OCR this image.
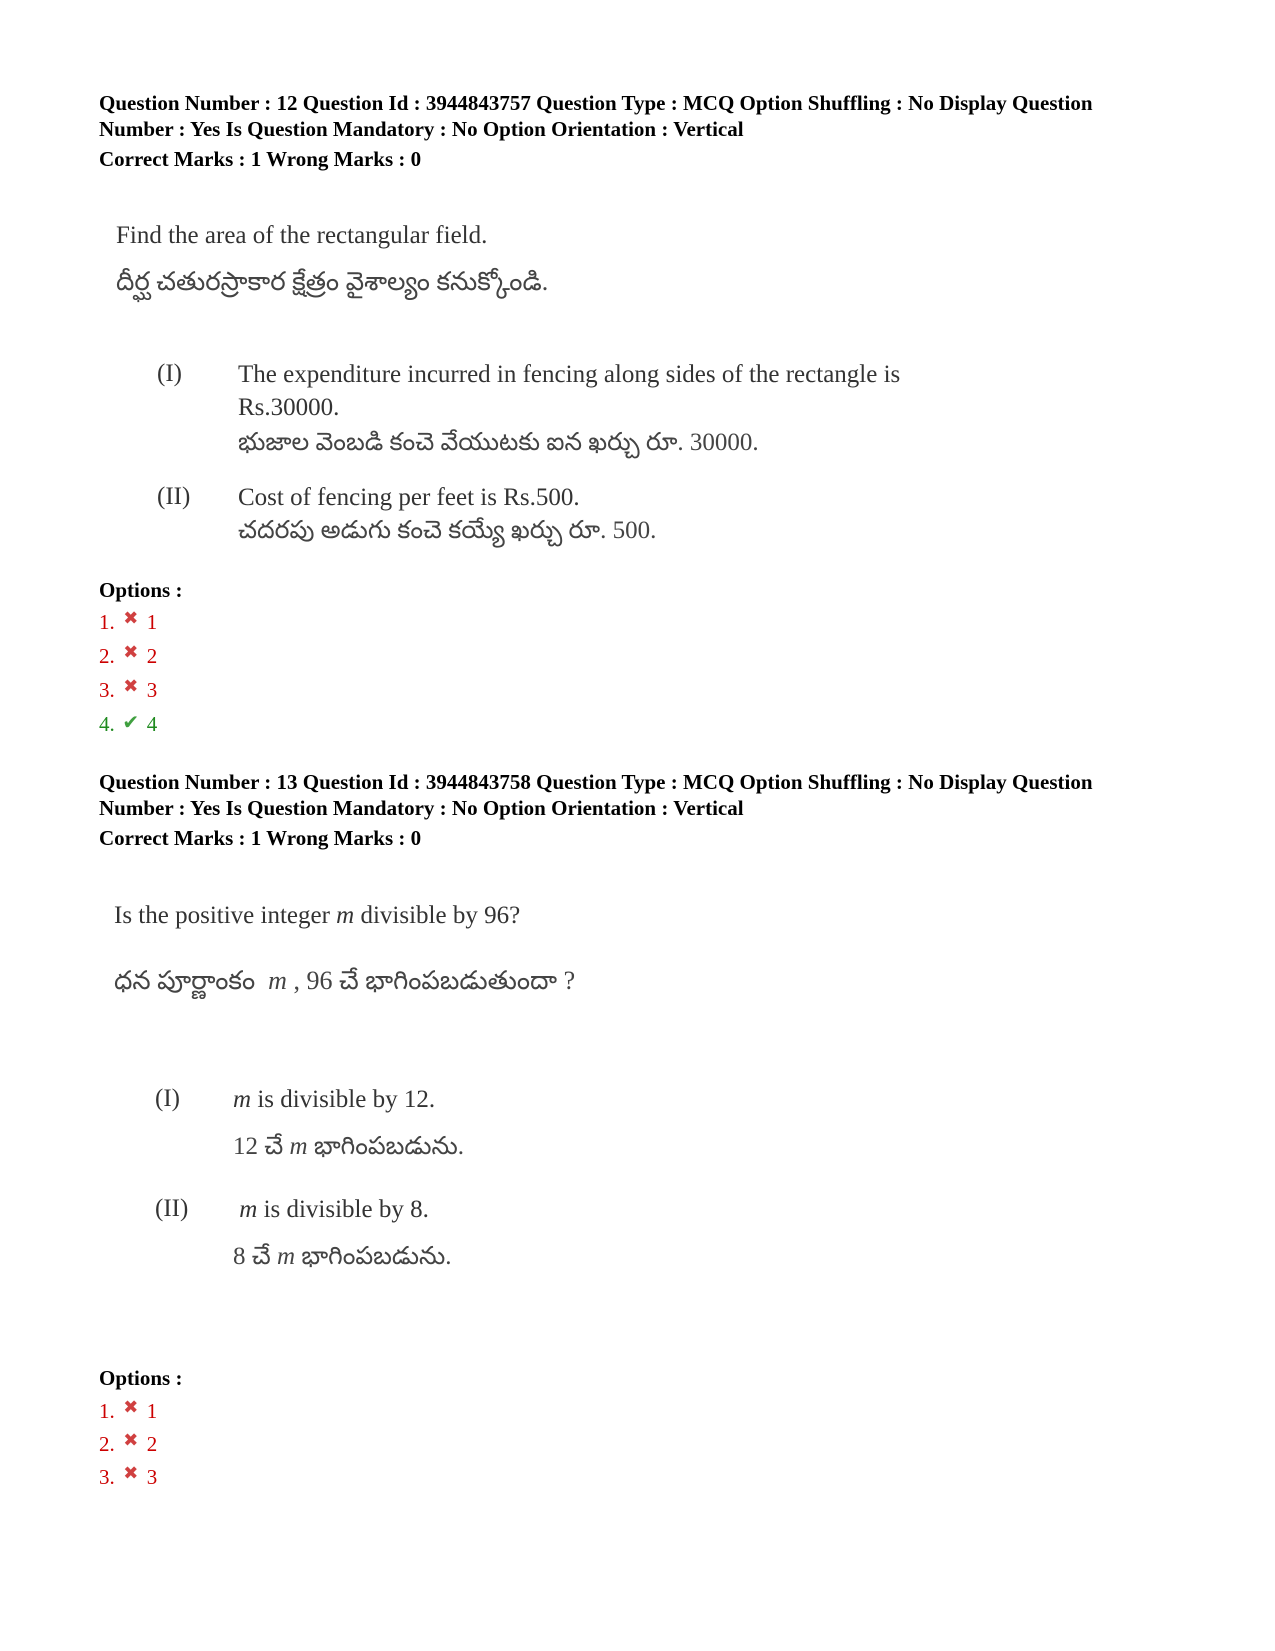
Question Number : 12 Question Id : 3944843757 Question Type : MCQ Option Shuffling : No Display Question
Number : Yes Is Question Mandatory : No Option Orientation : Vertical
Correct Marks : 1 Wrong Marks : 0
Find the area of the rectangular field.
దీర్ఘ చతురస్రాకార క్షేత్రం వైశాల్యం కనుక్కోండి.
(I) The expenditure incurred in fencing along sides of the rectangle is
Rs.30000.
భుజాల వెంబడి కంచె వేయుటకు ఐన ఖర్చు రూ. 30000.
(II) Cost of fencing per feet is Rs.500.
చదరపు అడుగు కంచె కయ్యే ఖర్చు రూ. 500.
Options :
1. ✖ 1
2. ✖ 2
3. ✖ 3
4. ✔ 4
Question Number : 13 Question Id : 3944843758 Question Type : MCQ Option Shuffling : No Display Question
Number : Yes Is Question Mandatory : No Option Orientation : Vertical
Correct Marks : 1 Wrong Marks : 0
Is the positive integer m divisible by 96?
ధన పూర్ణాంకం m , 96 చే భాగింపబడుతుందా ?
(I) m is divisible by 12.
12 చే m భాగింపబడును.
(II) m is divisible by 8.
8 చే m భాగింపబడును.
Options :
1. ✖ 1
2. ✖ 2
3. ✖ 3
